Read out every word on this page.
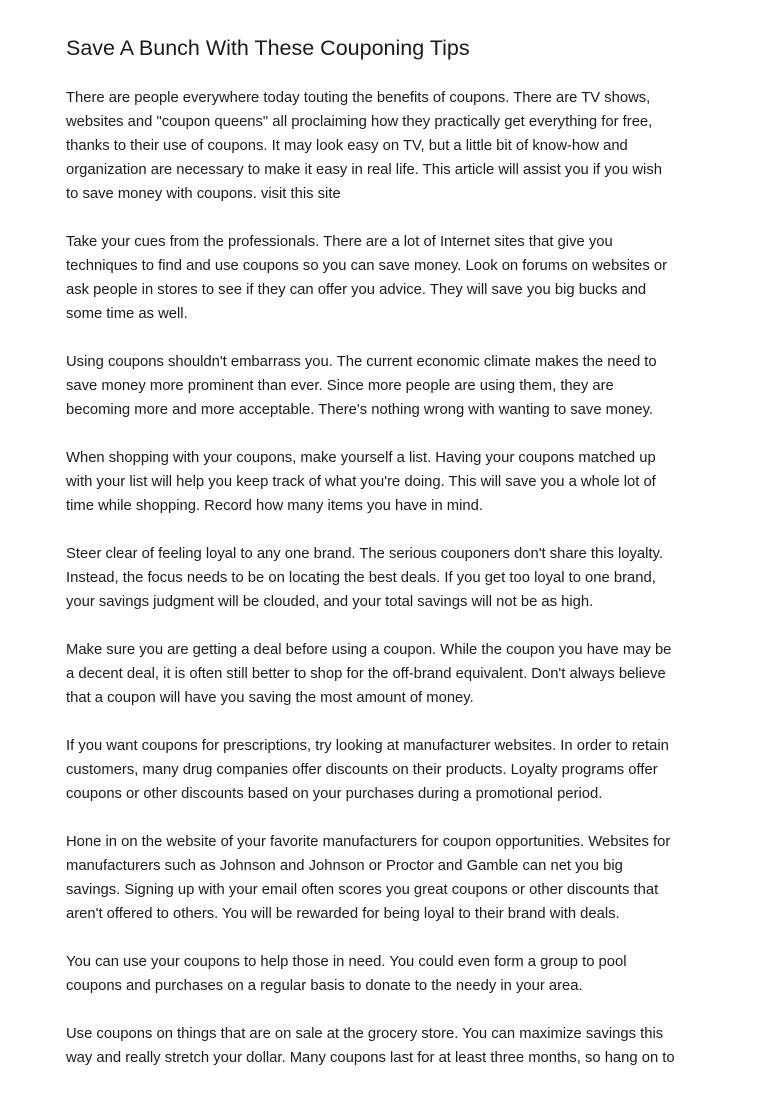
Save A Bunch With These Couponing Tips

There are people everywhere today touting the benefits of coupons. There are TV shows,
websites and "coupon queens" all proclaiming how they practically get everything for free,
thanks to their use of coupons. It may look easy on TV, but a little bit of know-how and
organization are necessary to make it easy in real life. This article will assist you if you wish
to save money with coupons. visit this site

Take your cues from the professionals. There are a lot of Internet sites that give you
techniques to find and use coupons so you can save money. Look on forums on websites or
ask people in stores to see if they can offer you advice. They will save you big bucks and
some time as well.

Using coupons shouldn't embarrass you. The current economic climate makes the need to
save money more prominent than ever. Since more people are using them, they are
becoming more and more acceptable. There's nothing wrong with wanting to save money.

When shopping with your coupons, make yourself a list. Having your coupons matched up
with your list will help you keep track of what you're doing. This will save you a whole lot of
time while shopping. Record how many items you have in mind.

Steer clear of feeling loyal to any one brand. The serious couponers don't share this loyalty.
Instead, the focus needs to be on locating the best deals. If you get too loyal to one brand,
your savings judgment will be clouded, and your total savings will not be as high.

Make sure you are getting a deal before using a coupon. While the coupon you have may be
a decent deal, it is often still better to shop for the off-brand equivalent. Don't always believe
that a coupon will have you saving the most amount of money.

If you want coupons for prescriptions, try looking at manufacturer websites. In order to retain
customers, many drug companies offer discounts on their products. Loyalty programs offer
coupons or other discounts based on your purchases during a promotional period.

Hone in on the website of your favorite manufacturers for coupon opportunities. Websites for
manufacturers such as Johnson and Johnson or Proctor and Gamble can net you big
savings. Signing up with your email often scores you great coupons or other discounts that
aren't offered to others. You will be rewarded for being loyal to their brand with deals.

You can use your coupons to help those in need. You could even form a group to pool
coupons and purchases on a regular basis to donate to the needy in your area.

Use coupons on things that are on sale at the grocery store. You can maximize savings this
way and really stretch your dollar. Many coupons last for at least three months, so hang on to
